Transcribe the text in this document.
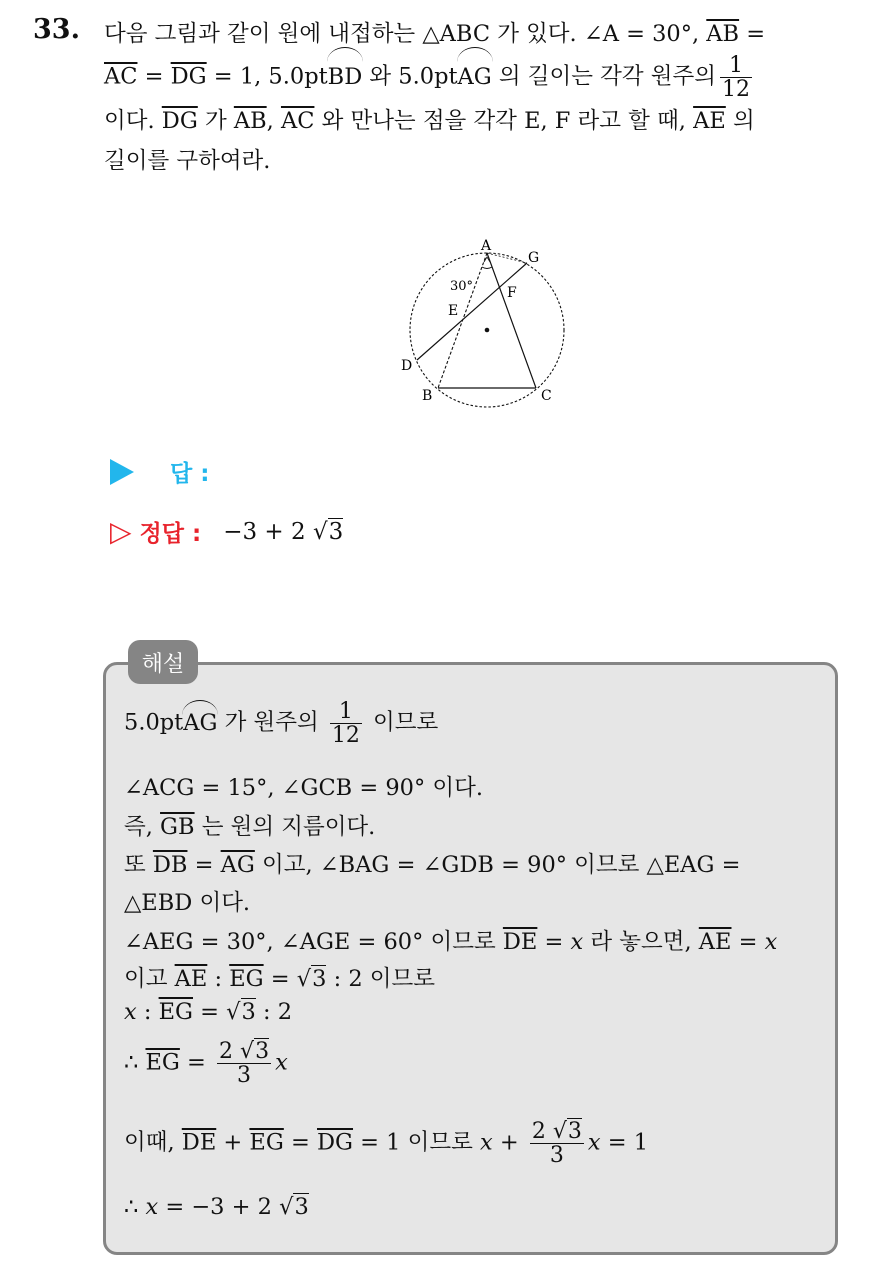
33. 다음 그림과 같이 원에 내접하는 △ABC 가 있다. ∠A = 30°, $\overline{AB}$ =
$\overline{AC} = \overline{DG} = 1$, 5.0ptBD 와 5.0ptAG 의 길이는 각각 원주의 $\frac{1}{12}$
이다. $\overline{DG}$ 가 $\overline{AB}$, $\overline{AC}$ 와 만나는 점을 각각 E, F 라고 할 때, $\overline{AE}$ 의
길이를 구하여라.
A
G
F
E
D
B	C
30°
답 :
▷ 정답 : −3 + 2 √3
해설
5.0ptAG 가 원주의 $\frac{1}{12}$ 이므로
∠ACG = 15°, ∠GCB = 90° 이다.
즉, $\overline{GB}$ 는 원의 지름이다.
또 $\overline{DB} = \overline{AG}$ 이고, ∠BAG = ∠GDB = 90° 이므로 △EAG =
△EBD 이다.
∠AEG = 30°, ∠AGE = 60° 이므로 $\overline{DE} = x$ 라 놓으면, $\overline{AE} = x$
이고 $\overline{AE}$ : $\overline{EG} = √3$ : 2 이므로
x : $\overline{EG} = √3$ : 2
∴ $\overline{EG} = \frac{2 √3}{3}$ x
이때, $\overline{DE} + \overline{EG} = \overline{DG} = 1$ 이므로 $x + \frac{2 √3}{3}$ x = 1
∴ x = −3 + 2 √3
